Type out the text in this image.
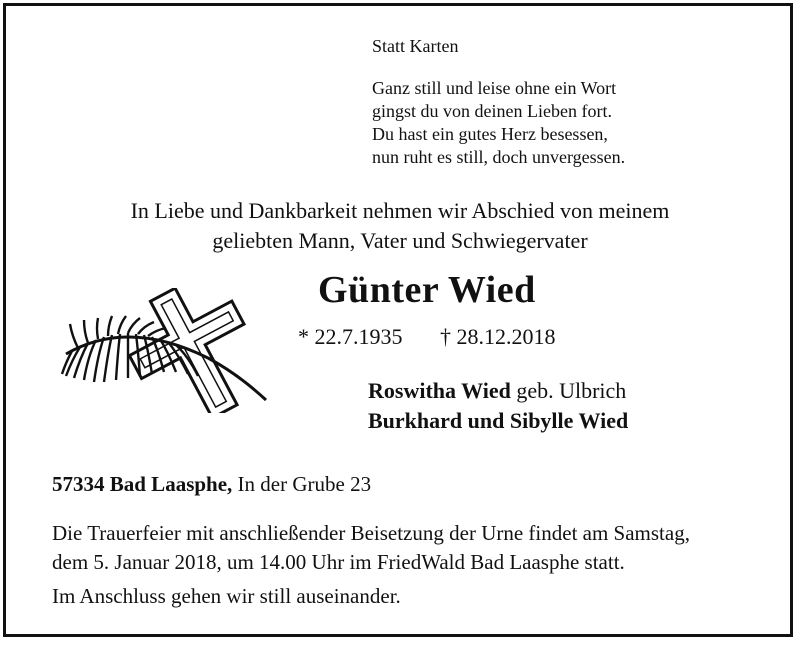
Statt Karten
Ganz still und leise ohne ein Wort
gingst du von deinen Lieben fort.
Du hast ein gutes Herz besessen,
nun ruht es still, doch unvergessen.
In Liebe und Dankbarkeit nehmen wir Abschied von meinem
geliebten Mann, Vater und Schwiegervater
Günter Wied
* 22.7.1935 † 28.12.2018
Roswitha Wied geb. Ulbrich
Burkhard und Sibylle Wied
57334 Bad Laasphe, In der Grube 23
Die Trauerfeier mit anschließender Beisetzung der Urne findet am Samstag,
dem 5. Januar 2018, um 14.00 Uhr im FriedWald Bad Laasphe statt.
Im Anschluss gehen wir still auseinander.
